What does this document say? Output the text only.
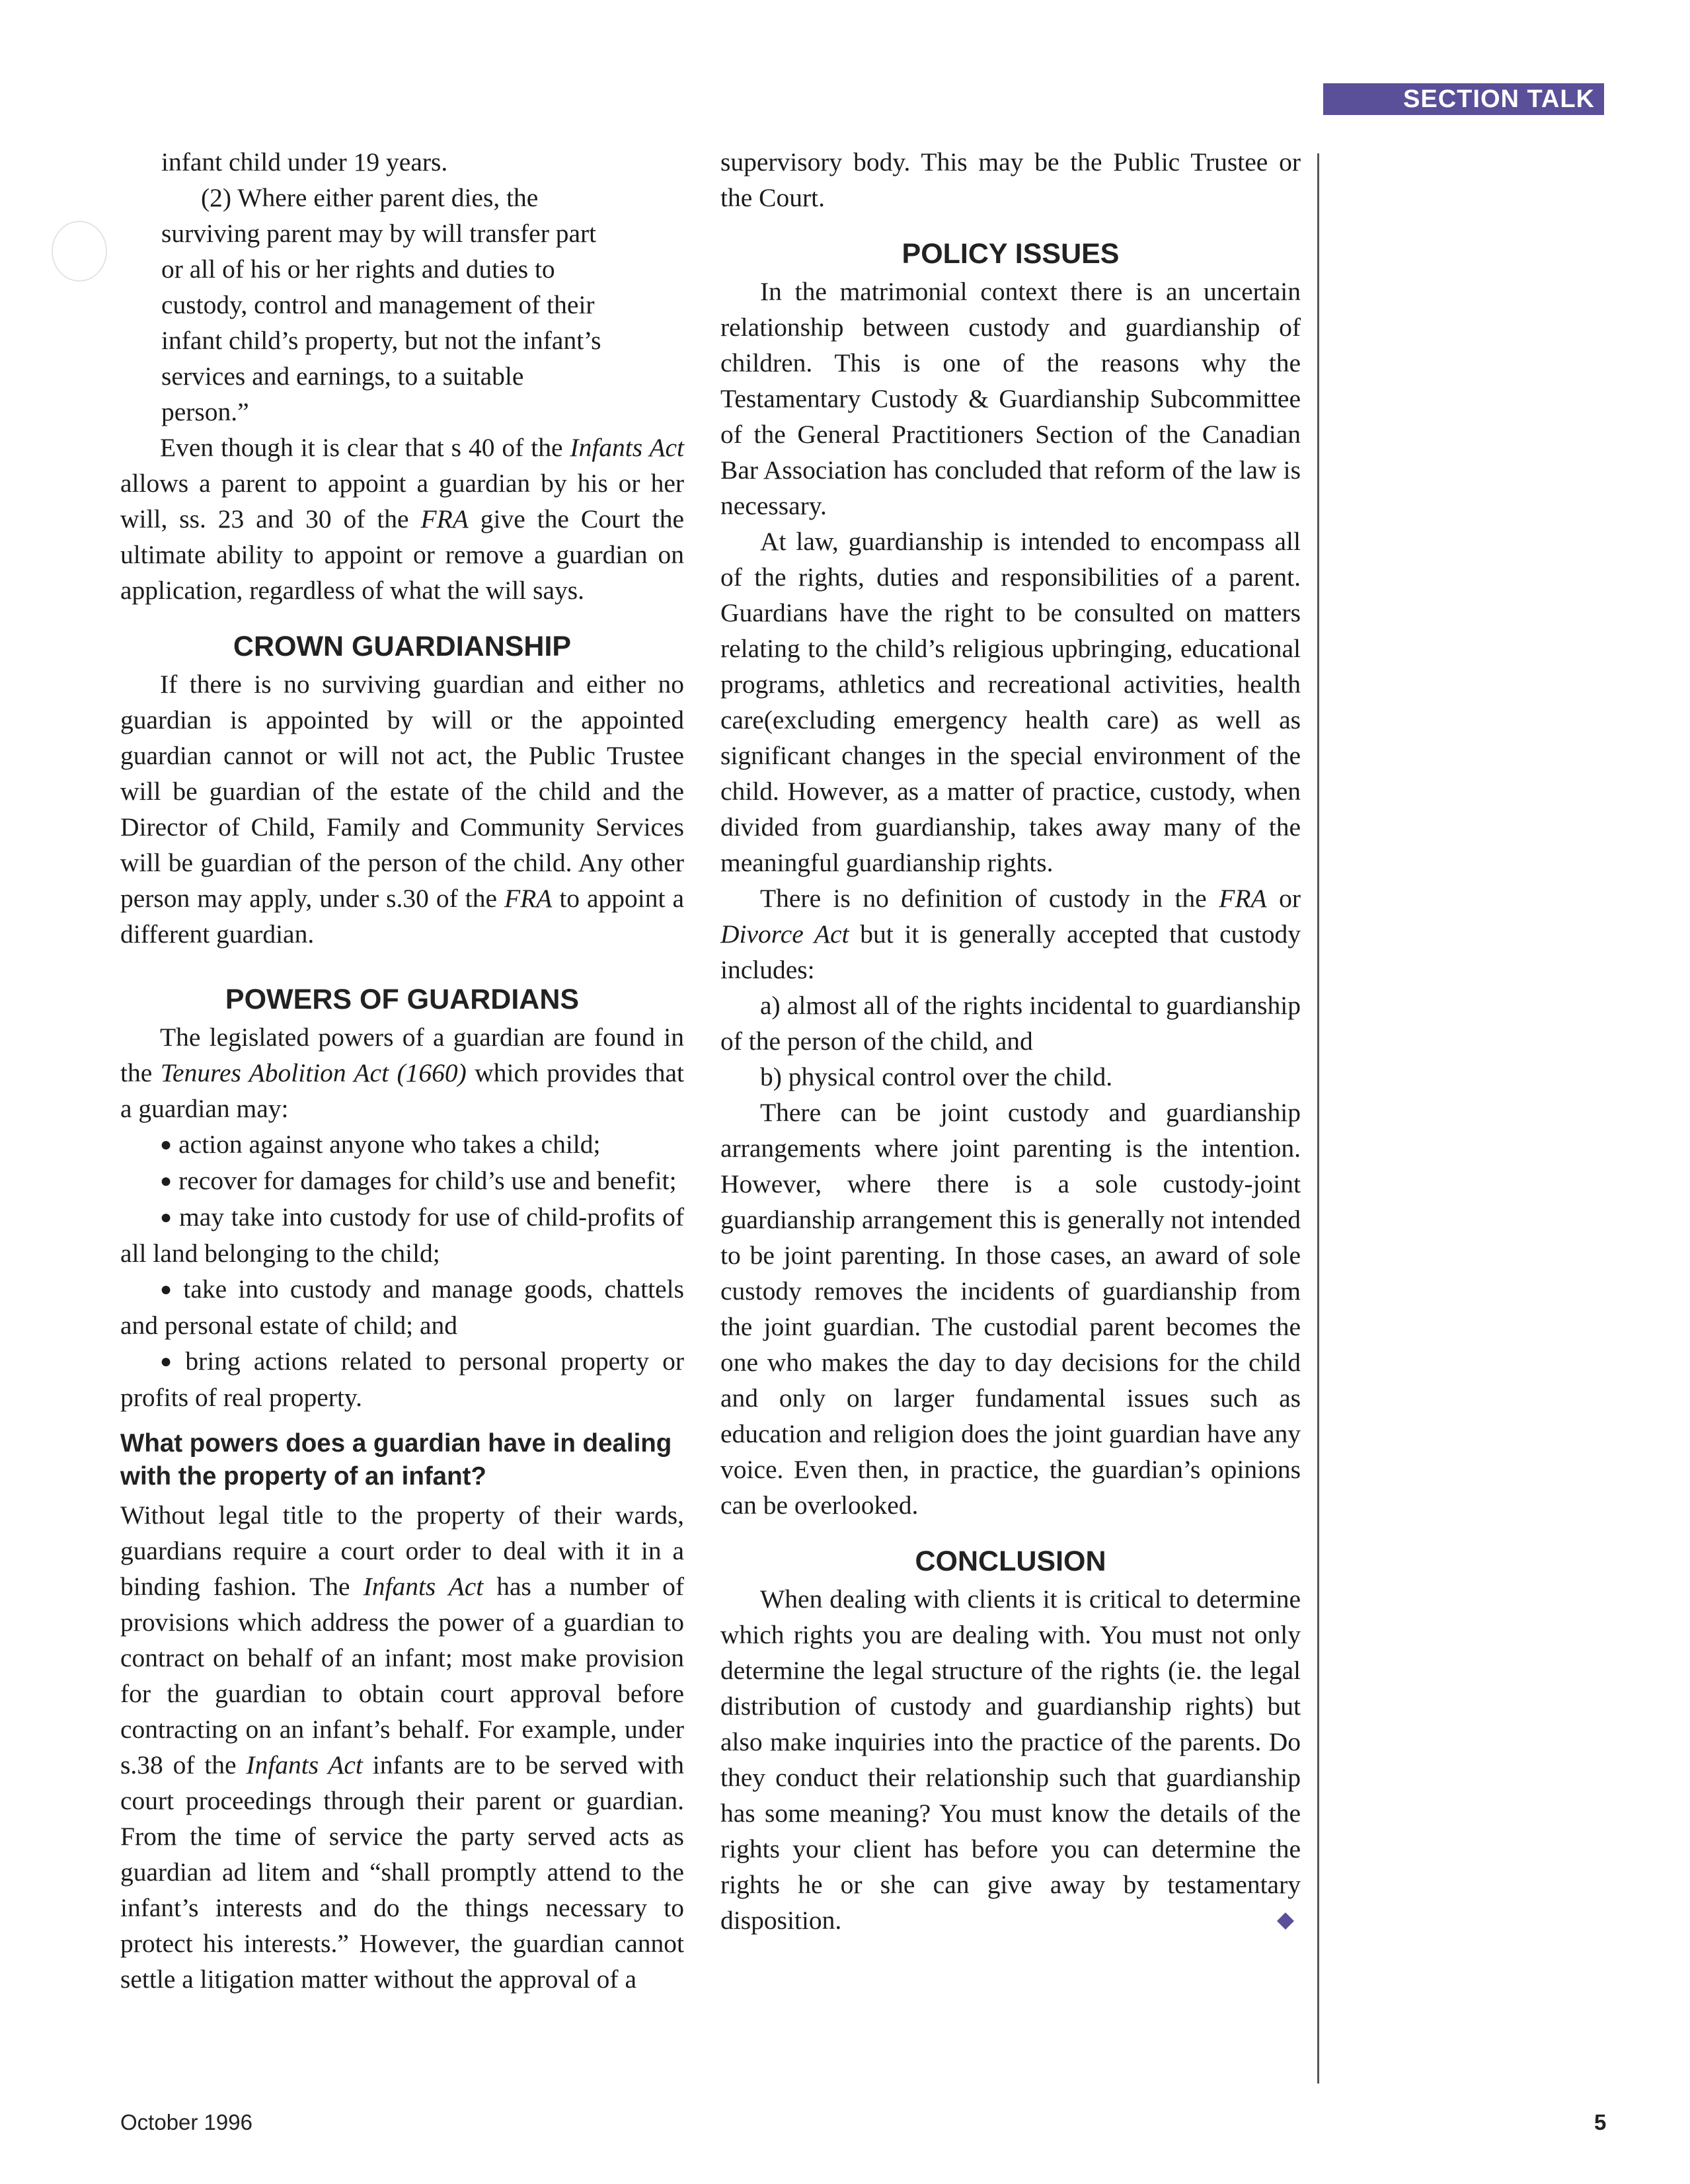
SECTION TALK

infant child under 19 years.

(2) Where either parent dies, the surviving parent may by will transfer part or all of his or her rights and duties to custody, control and management of their infant child’s property, but not the infant’s services and earnings, to a suitable person.”

Even though it is clear that s 40 of the Infants Act allows a parent to appoint a guardian by his or her will, ss. 23 and 30 of the FRA give the Court the ultimate ability to appoint or remove a guardian on application, regardless of what the will says.

CROWN GUARDIANSHIP

If there is no surviving guardian and either no guardian is appointed by will or the appointed guardian cannot or will not act, the Public Trustee will be guardian of the estate of the child and the Director of Child, Family and Community Services will be guardian of the person of the child. Any other person may apply, under s.30 of the FRA to appoint a different guardian.

POWERS OF GUARDIANS

The legislated powers of a guardian are found in the Tenures Abolition Act (1660) which provides that a guardian may:

● action against anyone who takes a child;

● recover for damages for child’s use and benefit;

● may take into custody for use of child-profits of all land belonging to the child;

● take into custody and manage goods, chattels and personal estate of child; and

● bring actions related to personal property or profits of real property.

What powers does a guardian have in dealing with the property of an infant?

Without legal title to the property of their wards, guardians require a court order to deal with it in a binding fashion. The Infants Act has a number of provisions which address the power of a guardian to contract on behalf of an infant; most make provision for the guardian to obtain court approval before contracting on an infant’s behalf. For example, under s.38 of the Infants Act infants are to be served with court proceedings through their parent or guardian. From the time of service the party served acts as guardian ad litem and “shall promptly attend to the infant’s interests and do the things necessary to protect his interests.” However, the guardian cannot settle a litigation matter without the approval of a

supervisory body. This may be the Public Trustee or the Court.

POLICY ISSUES

In the matrimonial context there is an uncertain relationship between custody and guardianship of children. This is one of the reasons why the Testamentary Custody & Guardianship Subcommittee of the General Practitioners Section of the Canadian Bar Association has concluded that reform of the law is necessary.

At law, guardianship is intended to encompass all of the rights, duties and responsibilities of a parent. Guardians have the right to be consulted on matters relating to the child’s religious upbringing, educational programs, athletics and recreational activities, health care(excluding emergency health care) as well as significant changes in the special environment of the child. However, as a matter of practice, custody, when divided from guardianship, takes away many of the meaningful guardianship rights.

There is no definition of custody in the FRA or Divorce Act but it is generally accepted that custody includes:

a) almost all of the rights incidental to guardianship of the person of the child, and

b) physical control over the child.

There can be joint custody and guardianship arrangements where joint parenting is the intention. However, where there is a sole custody-joint guardianship arrangement this is generally not intended to be joint parenting. In those cases, an award of sole custody removes the incidents of guardianship from the joint guardian. The custodial parent becomes the one who makes the day to day decisions for the child and only on larger fundamental issues such as education and religion does the joint guardian have any voice. Even then, in practice, the guardian’s opinions can be overlooked.

CONCLUSION

When dealing with clients it is critical to determine which rights you are dealing with. You must not only determine the legal structure of the rights (ie. the legal distribution of custody and guardianship rights) but also make inquiries into the practice of the parents. Do they conduct their relationship such that guardianship has some meaning? You must know the details of the rights your client has before you can determine the rights he or she can give away by testamentary disposition.	◆

October 1996	5
